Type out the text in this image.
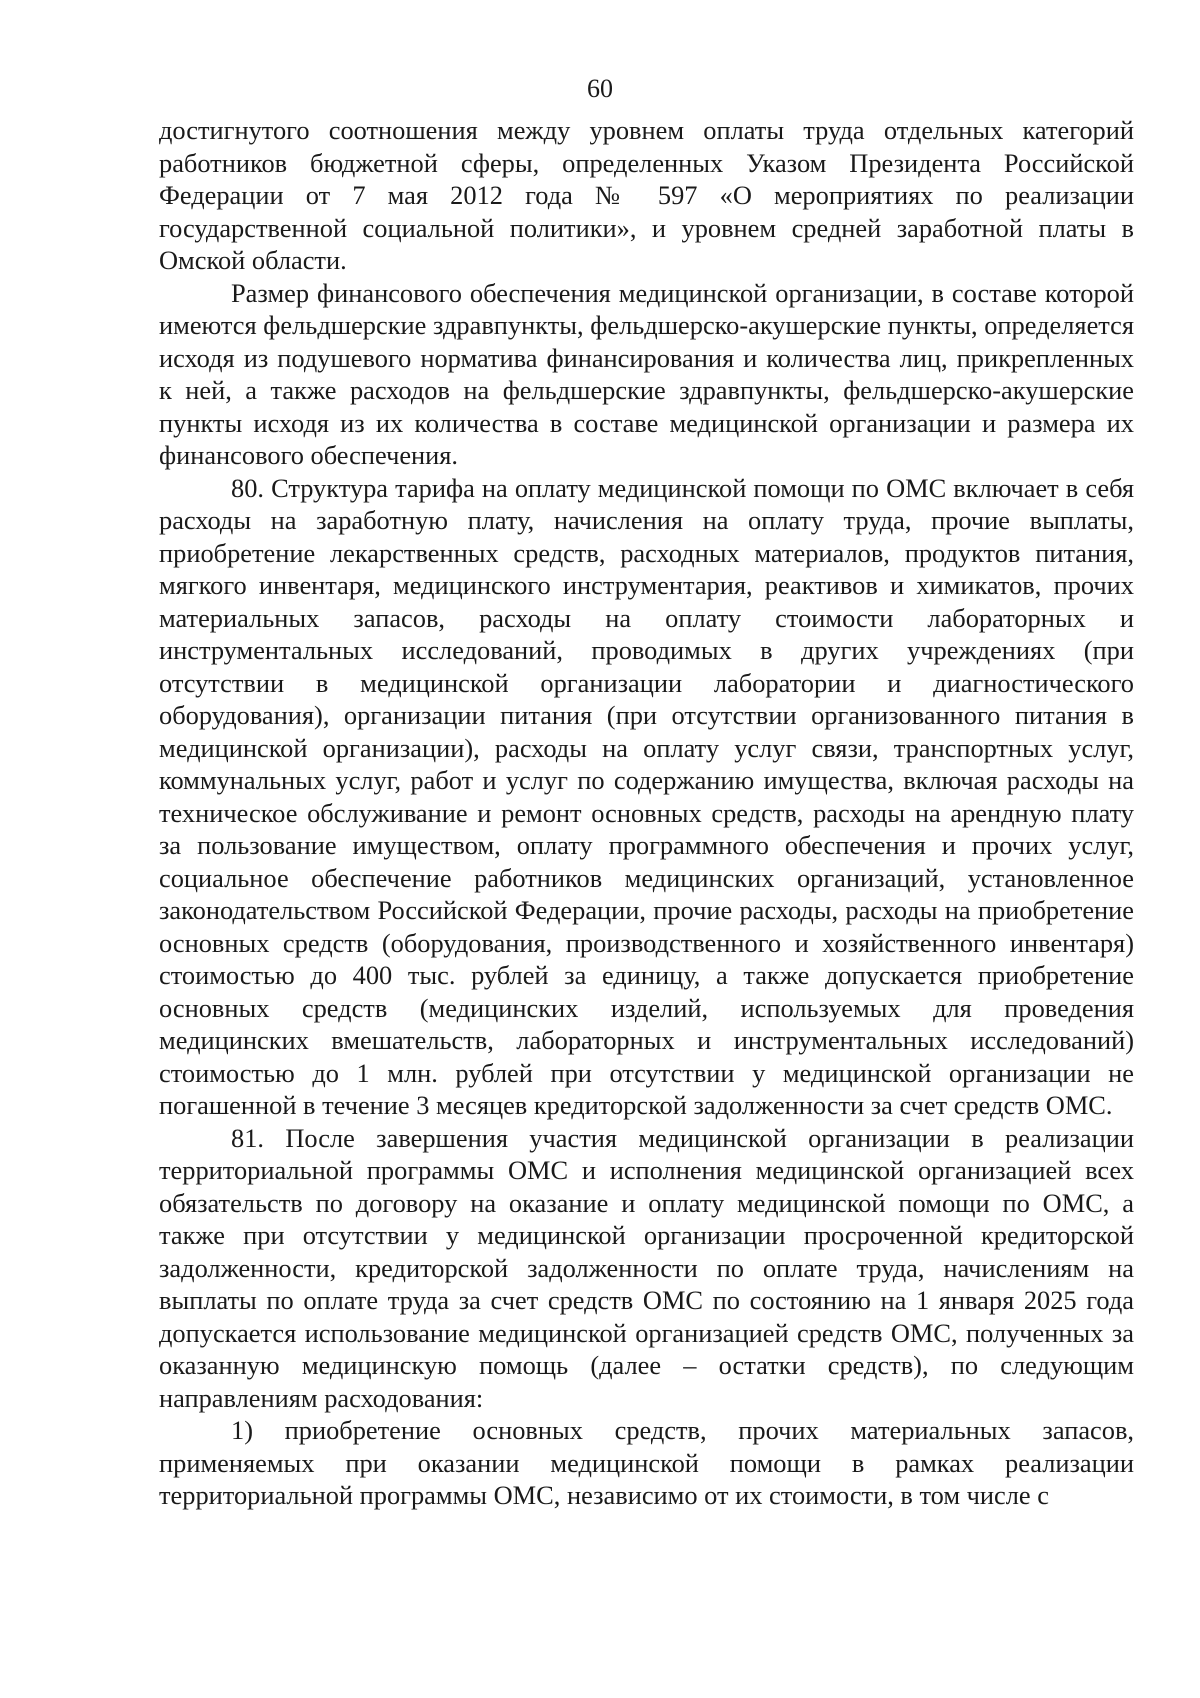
60

достигнутого соотношения между уровнем оплаты труда отдельных категорий работников бюджетной сферы, определенных Указом Президента Российской Федерации от 7 мая 2012 года № 597 «О мероприятиях по реализации государственной социальной политики», и уровнем средней заработной платы в Омской области.

Размер финансового обеспечения медицинской организации, в составе которой имеются фельдшерские здравпункты, фельдшерско-акушерские пункты, определяется исходя из подушевого норматива финансирования и количества лиц, прикрепленных к ней, а также расходов на фельдшерские здравпункты, фельдшерско-акушерские пункты исходя из их количества в составе медицинской организации и размера их финансового обеспечения.

80. Структура тарифа на оплату медицинской помощи по ОМС включает в себя расходы на заработную плату, начисления на оплату труда, прочие выплаты, приобретение лекарственных средств, расходных материалов, продуктов питания, мягкого инвентаря, медицинского инструментария, реактивов и химикатов, прочих материальных запасов, расходы на оплату стоимости лабораторных и инструментальных исследований, проводимых в других учреждениях (при отсутствии в медицинской организации лаборатории и диагностического оборудования), организации питания (при отсутствии организованного питания в медицинской организации), расходы на оплату услуг связи, транспортных услуг, коммунальных услуг, работ и услуг по содержанию имущества, включая расходы на техническое обслуживание и ремонт основных средств, расходы на арендную плату за пользование имуществом, оплату программного обеспечения и прочих услуг, социальное обеспечение работников медицинских организаций, установленное законодательством Российской Федерации, прочие расходы, расходы на приобретение основных средств (оборудования, производственного и хозяйственного инвентаря) стоимостью до 400 тыс. рублей за единицу, а также допускается приобретение основных средств (медицинских изделий, используемых для проведения медицинских вмешательств, лабораторных и инструментальных исследований) стоимостью до 1 млн. рублей при отсутствии у медицинской организации не погашенной в течение 3 месяцев кредиторской задолженности за счет средств ОМС.

81. После завершения участия медицинской организации в реализации территориальной программы ОМС и исполнения медицинской организацией всех обязательств по договору на оказание и оплату медицинской помощи по ОМС, а также при отсутствии у медицинской организации просроченной кредиторской задолженности, кредиторской задолженности по оплате труда, начислениям на выплаты по оплате труда за счет средств ОМС по состоянию на 1 января 2025 года допускается использование медицинской организацией средств ОМС, полученных за оказанную медицинскую помощь (далее – остатки средств), по следующим направлениям расходования:

1) приобретение основных средств, прочих материальных запасов, применяемых при оказании медицинской помощи в рамках реализации территориальной программы ОМС, независимо от их стоимости, в том числе с
